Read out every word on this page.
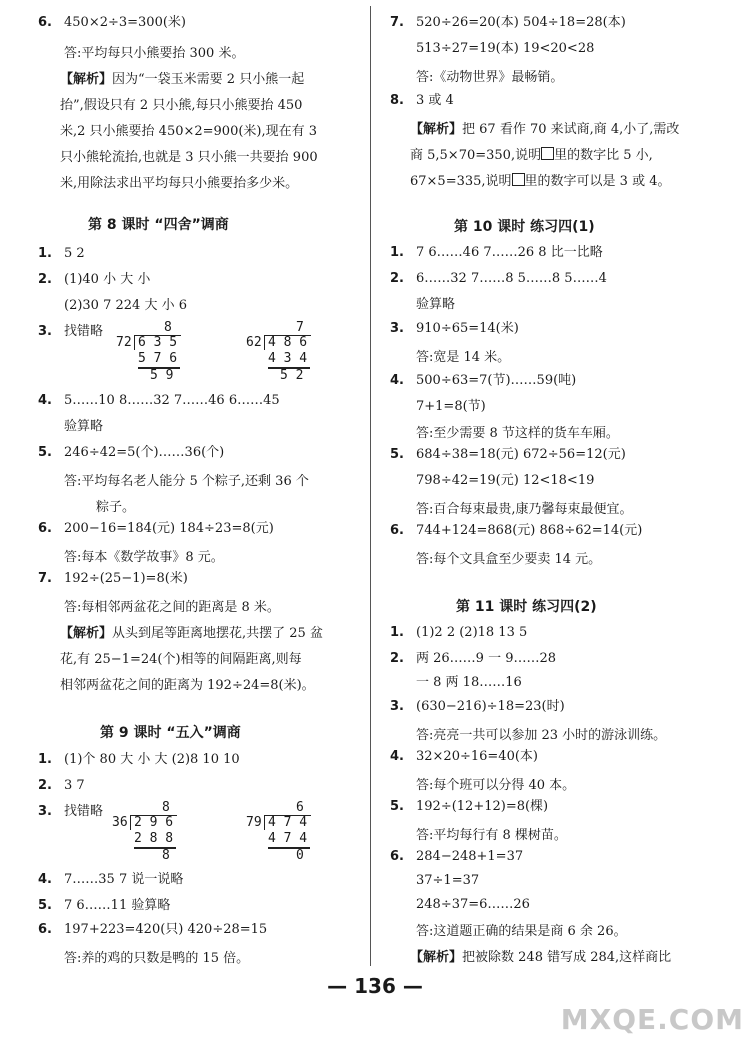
6. 450×2÷3=300(米)
答:平均每只小熊要抬 300 米。
【解析】因为“一袋玉米需要 2 只小熊一起
抬”,假设只有 2 只小熊,每只小熊要抬 450
米,2 只小熊要抬 450×2=900(米),现在有 3
只小熊轮流抬,也就是 3 只小熊一共要抬 900
米,用除法求出平均每只小熊要抬多少米。
第 8 课时 “四舍”调商
1. 5 2
2. (1)40 小 大 小
(2)30 7 224 大 小 6
3. 找错略	8
72 6 3 5
5 7 6
5 9
7
62 4 8 6
4 3 4
5 2
4. 5……10 8……32 7……46 6……45
验算略
5. 246÷42=5(个)……36(个)
答:平均每名老人能分 5 个粽子,还剩 36 个
粽子。
6. 200−16=184(元) 184÷23=8(元)
答:每本《数学故事》8 元。
7. 192÷(25−1)=8(米)
答:每相邻两盆花之间的距离是 8 米。
【解析】从头到尾等距离地摆花,共摆了 25 盆
花,有 25−1=24(个)相等的间隔距离,则每
相邻两盆花之间的距离为 192÷24=8(米)。
第 9 课时 “五入”调商
1. (1)个 80 大 小 大 (2)8 10 10
2. 3 7
3. 找错略	8
36 2 9 6
2 8 8
8
6
79 4 7 4
4 7 4
0
4. 7……35 7 说一说略
5. 7 6……11 验算略
6. 197+223=420(只) 420÷28=15
答:养的鸡的只数是鸭的 15 倍。
7. 520÷26=20(本) 504÷18=28(本)
513÷27=19(本) 19<20<28
答:《动物世界》最畅销。
8. 3 或 4
【解析】把 67 看作 70 来试商,商 4,小了,需改
商 5,5×70=350,说明 里的数字比 5 小,
67×5=335,说明 里的数字可以是 3 或 4。
第 10 课时 练习四(1)
1. 7 6……46 7……26 8 比一比略
2. 6……32 7……8 5……8 5……4
验算略
3. 910÷65=14(米)
答:宽是 14 米。
4. 500÷63=7(节)……59(吨)
7+1=8(节)
答:至少需要 8 节这样的货车车厢。
5. 684÷38=18(元) 672÷56=12(元)
798÷42=19(元) 12<18<19
答:百合每束最贵,康乃馨每束最便宜。
6. 744+124=868(元) 868÷62=14(元)
答:每个文具盒至少要卖 14 元。
第 11 课时 练习四(2)
1. (1)2 2 (2)18 13 5
2. 两 26……9 一 9……28
一 8 两 18……16
3. (630−216)÷18=23(时)
答:亮亮一共可以参加 23 小时的游泳训练。
4. 32×20÷16=40(本)
答:每个班可以分得 40 本。
5. 192÷(12+12)=8(棵)
答:平均每行有 8 棵树苗。
6. 284−248+1=37
37÷1=37
248÷37=6……26
答:这道题正确的结果是商 6 余 26。
【解析】把被除数 248 错写成 284,这样商比
— 136 —
MXQE.COM
